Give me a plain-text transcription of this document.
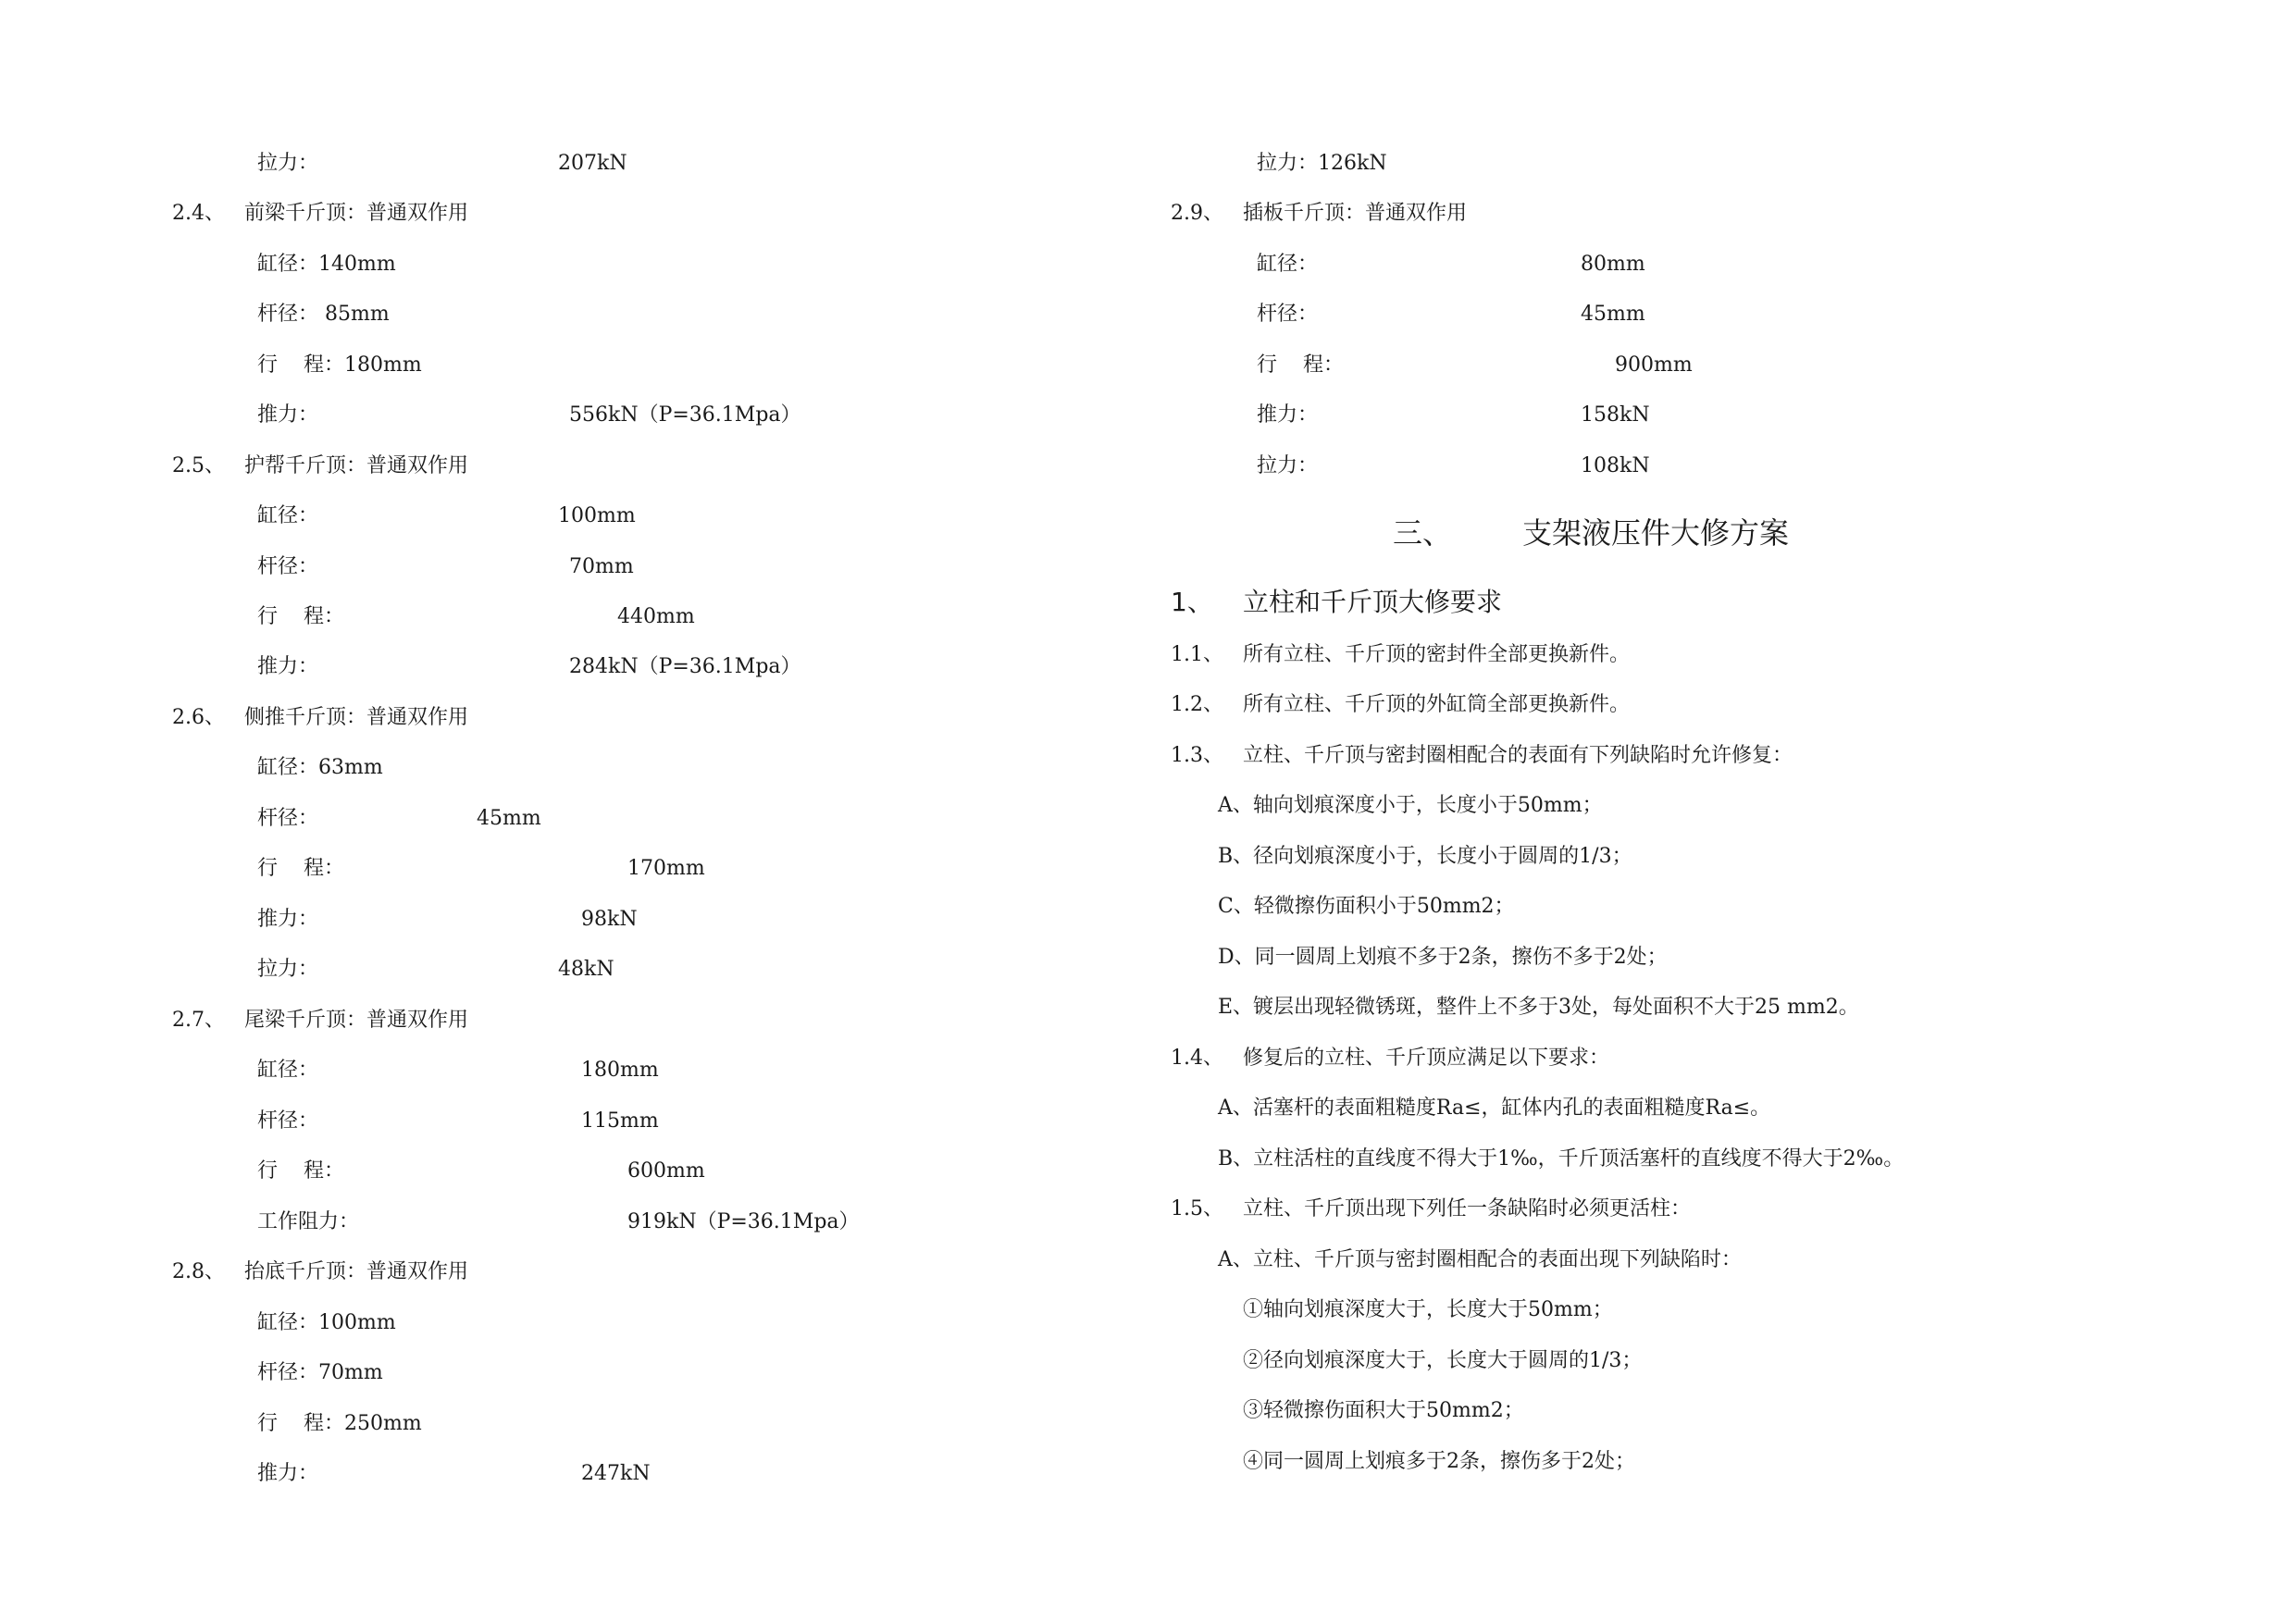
拉力：	207kN
2.4、 前梁千斤顶：普通双作用
缸径：140mm
杆径： 85mm
行    程：180mm
推力：	556kN（P=36.1Mpa）
2.5、 护帮千斤顶：普通双作用
缸径：	100mm
杆径：	70mm
行    程：	440mm
推力：	284kN（P=36.1Mpa）
2.6、 侧推千斤顶：普通双作用
缸径：63mm
杆径：	45mm
行    程：	170mm
推力：	98kN
拉力：	48kN
2.7、 尾梁千斤顶：普通双作用
缸径：	180mm
杆径：	115mm
行    程：	600mm
工作阻力：	919kN（P=36.1Mpa）
2.8、 抬底千斤顶：普通双作用
缸径：100mm
杆径：70mm
行    程：250mm
推力：	247kN
拉力：126kN
2.9、 插板千斤顶：普通双作用
缸径：	80mm
杆径：	45mm
行    程：	900mm
推力：	158kN
拉力：	108kN
三、 支架液压件大修方案
1、 立柱和千斤顶大修要求
1.1、 所有立柱、千斤顶的密封件全部更换新件。
1.2、 所有立柱、千斤顶的外缸筒全部更换新件。
1.3、 立柱、千斤顶与密封圈相配合的表面有下列缺陷时允许修复：
A、轴向划痕深度小于，长度小于50mm；
B、径向划痕深度小于，长度小于圆周的1/3；
C、轻微擦伤面积小于50mm2；
D、同一圆周上划痕不多于2条，擦伤不多于2处；
E、镀层出现轻微锈斑，整件上不多于3处，每处面积不大于25 mm2。
1.4、 修复后的立柱、千斤顶应满足以下要求：
A、活塞杆的表面粗糙度Ra≤，缸体内孔的表面粗糙度Ra≤。
B、立柱活柱的直线度不得大于1‰，千斤顶活塞杆的直线度不得大于2‰。
1.5、 立柱、千斤顶出现下列任一条缺陷时必须更活柱：
A、立柱、千斤顶与密封圈相配合的表面出现下列缺陷时：
①轴向划痕深度大于，长度大于50mm；
②径向划痕深度大于，长度大于圆周的1/3；
③轻微擦伤面积大于50mm2；
④同一圆周上划痕多于2条，擦伤多于2处；
